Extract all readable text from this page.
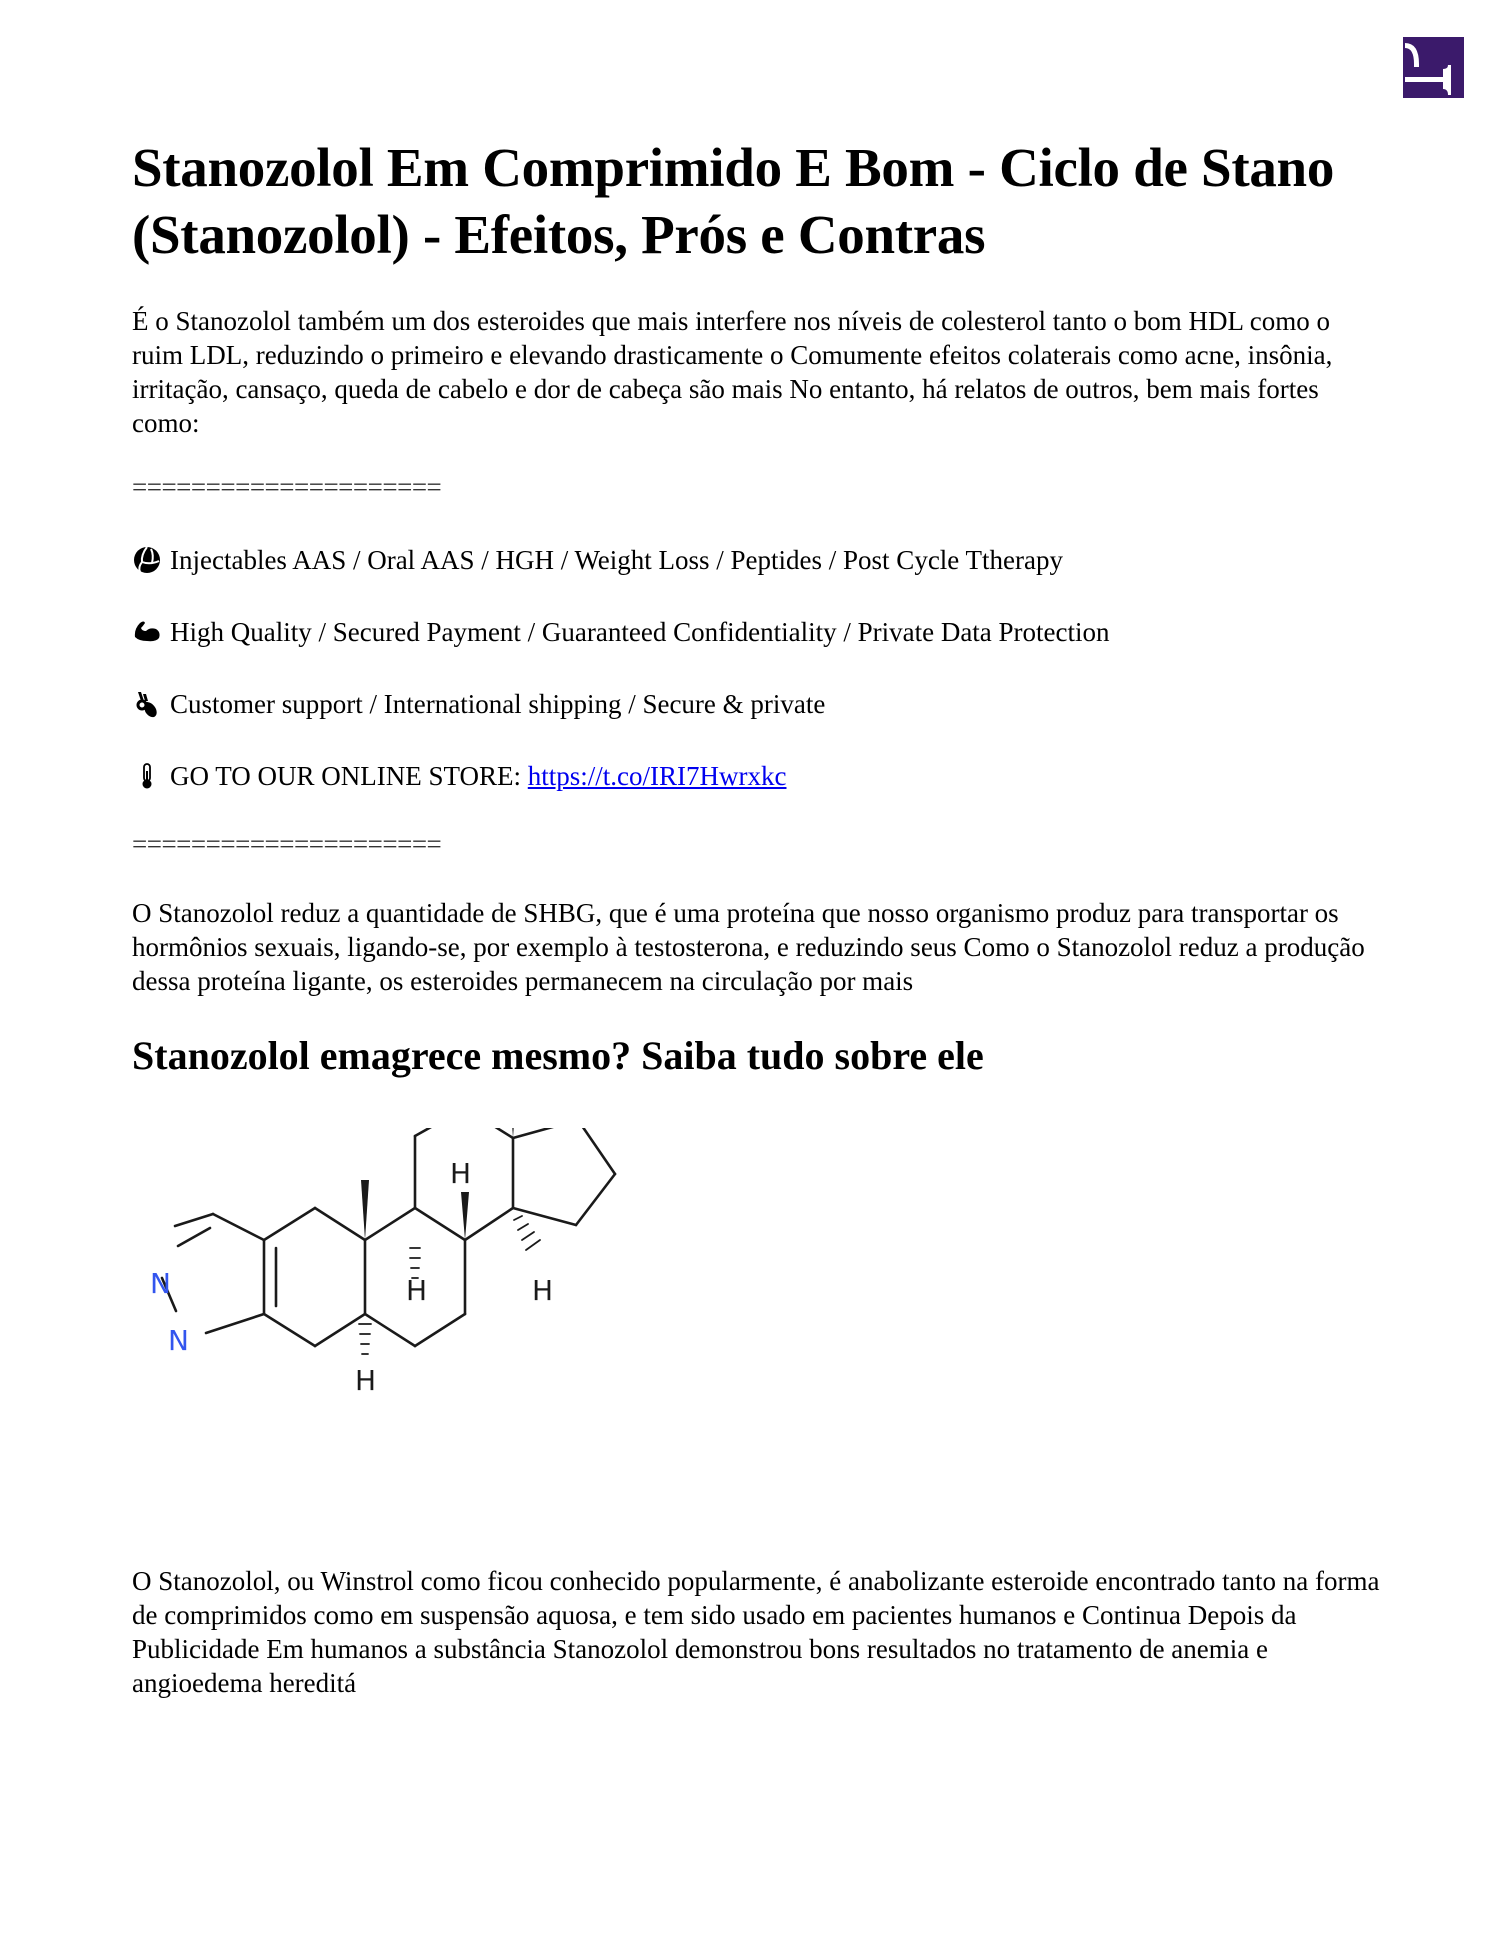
Stanozolol Em Comprimido E Bom - Ciclo de Stano (Stanozolol) - Efeitos, Prós e Contras

É o Stanozolol também um dos esteroides que mais interfere nos níveis de colesterol tanto o bom HDL como o ruim LDL, reduzindo o primeiro e elevando drasticamente o Comumente efeitos colaterais como acne, insônia, irritação, cansaço, queda de cabelo e dor de cabeça são mais No entanto, há relatos de outros, bem mais fortes como:

=====================

Injectables AAS / Oral AAS / HGH / Weight Loss / Peptides / Post Cycle Ttherapy
High Quality / Secured Payment / Guaranteed Confidentiality / Private Data Protection
Customer support / International shipping / Secure & private
GO TO OUR ONLINE STORE: https://t.co/IRI7Hwrxkc

=====================

O Stanozolol reduz a quantidade de SHBG, que é uma proteína que nosso organismo produz para transportar os hormônios sexuais, ligando-se, por exemplo à testosterona, e reduzindo seus Como o Stanozolol reduz a produção dessa proteína ligante, os esteroides permanecem na circulação por mais

Stanozolol emagrece mesmo? Saiba tudo sobre ele

O Stanozolol, ou Winstrol como ficou conhecido popularmente, é anabolizante esteroide encontrado tanto na forma de comprimidos como em suspensão aquosa, e tem sido usado em pacientes humanos e Continua Depois da Publicidade Em humanos a substância Stanozolol demonstrou bons resultados no tratamento de anemia e angioedema hereditá

N
N
H
H
H
H
